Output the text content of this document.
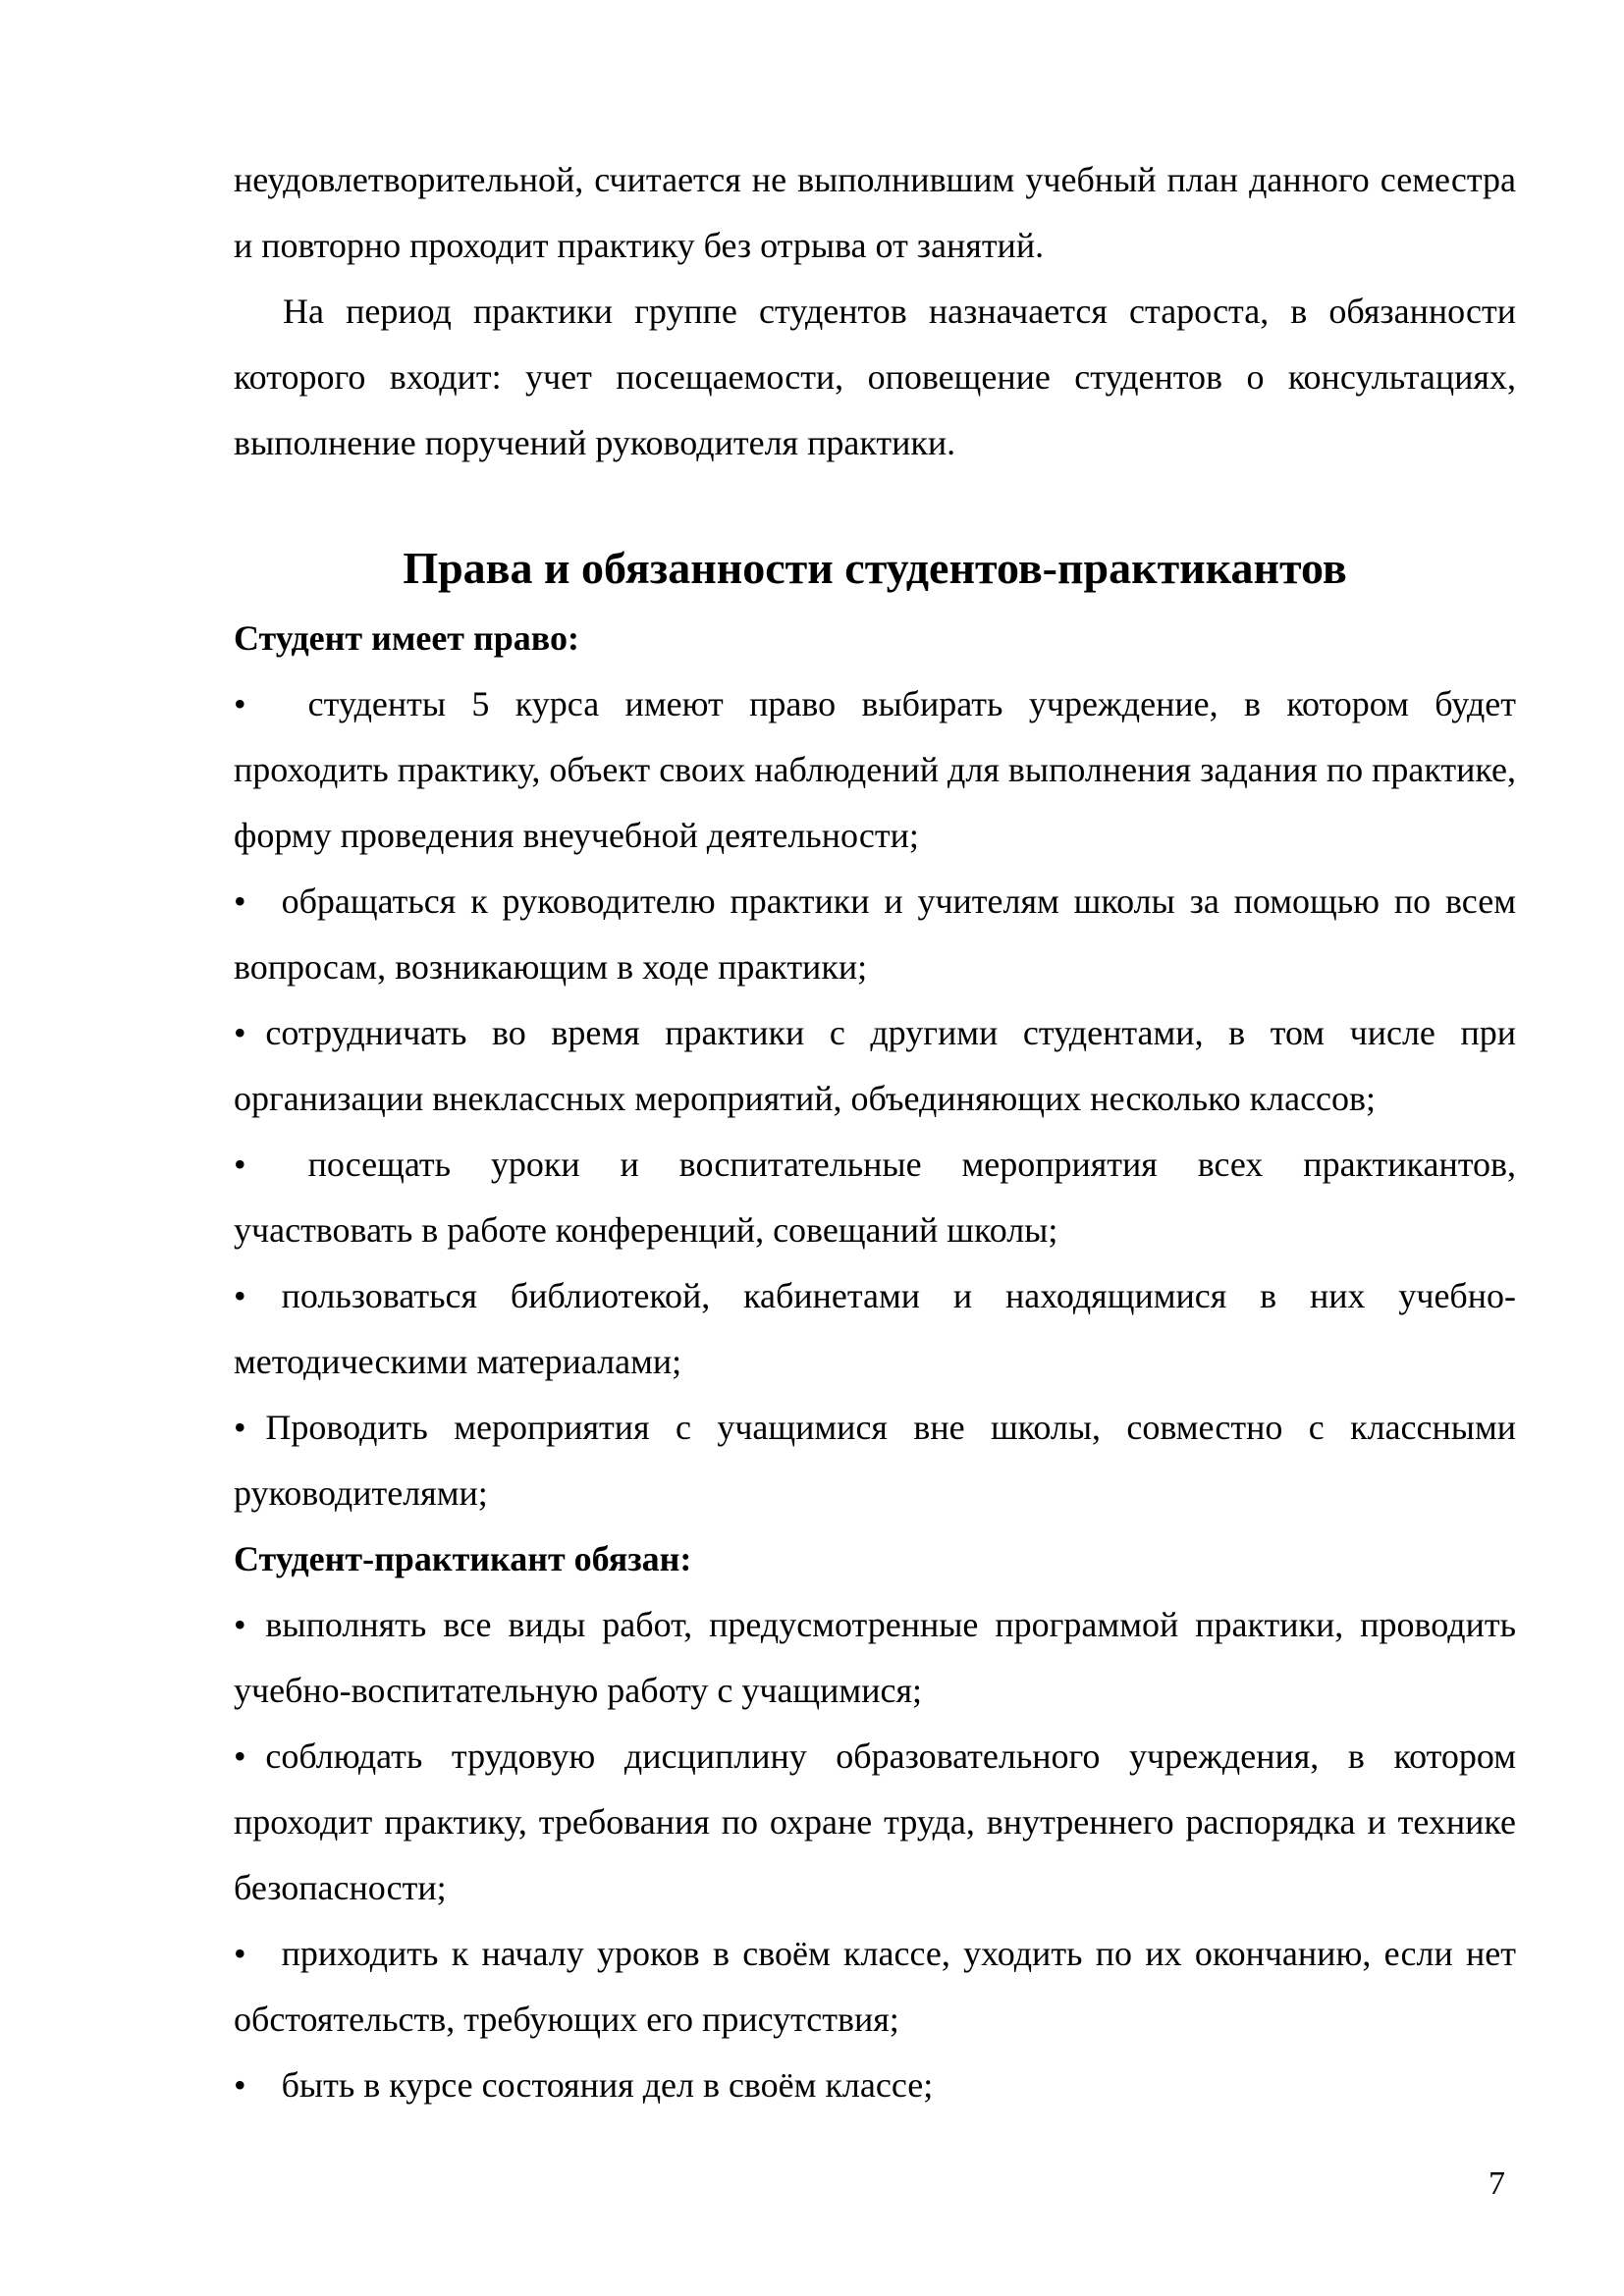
неудовлетворительной, считается не выполнившим учебный план данного семестра и повторно проходит практику без отрыва от занятий.

На период практики группе студентов назначается староста, в обязанности которого входит: учет посещаемости, оповещение студентов о консультациях, выполнение поручений руководителя практики.

Права и обязанности студентов-практикантов

Студент имеет право:

• студенты 5 курса имеют право выбирать учреждение, в котором будет проходить практику, объект своих наблюдений для выполнения задания по практике, форму проведения внеучебной деятельности;

• обращаться к руководителю практики и учителям школы за помощью по всем вопросам, возникающим в ходе практики;

• сотрудничать во время практики с другими студентами, в том числе при организации внеклассных мероприятий, объединяющих несколько классов;

• посещать уроки и воспитательные мероприятия всех практикантов, участвовать в работе конференций, совещаний школы;

• пользоваться библиотекой, кабинетами и находящимися в них учебно-методическими материалами;

• Проводить мероприятия с учащимися вне школы, совместно с классными руководителями;

Студент-практикант обязан:

• выполнять все виды работ, предусмотренные программой практики, проводить учебно-воспитательную работу с учащимися;

• соблюдать трудовую дисциплину образовательного учреждения, в котором проходит практику, требования по охране труда, внутреннего распорядка и технике безопасности;

• приходить к началу уроков в своём классе, уходить по их окончанию, если нет обстоятельств, требующих его присутствия;

• быть в курсе состояния дел в своём классе;

7
